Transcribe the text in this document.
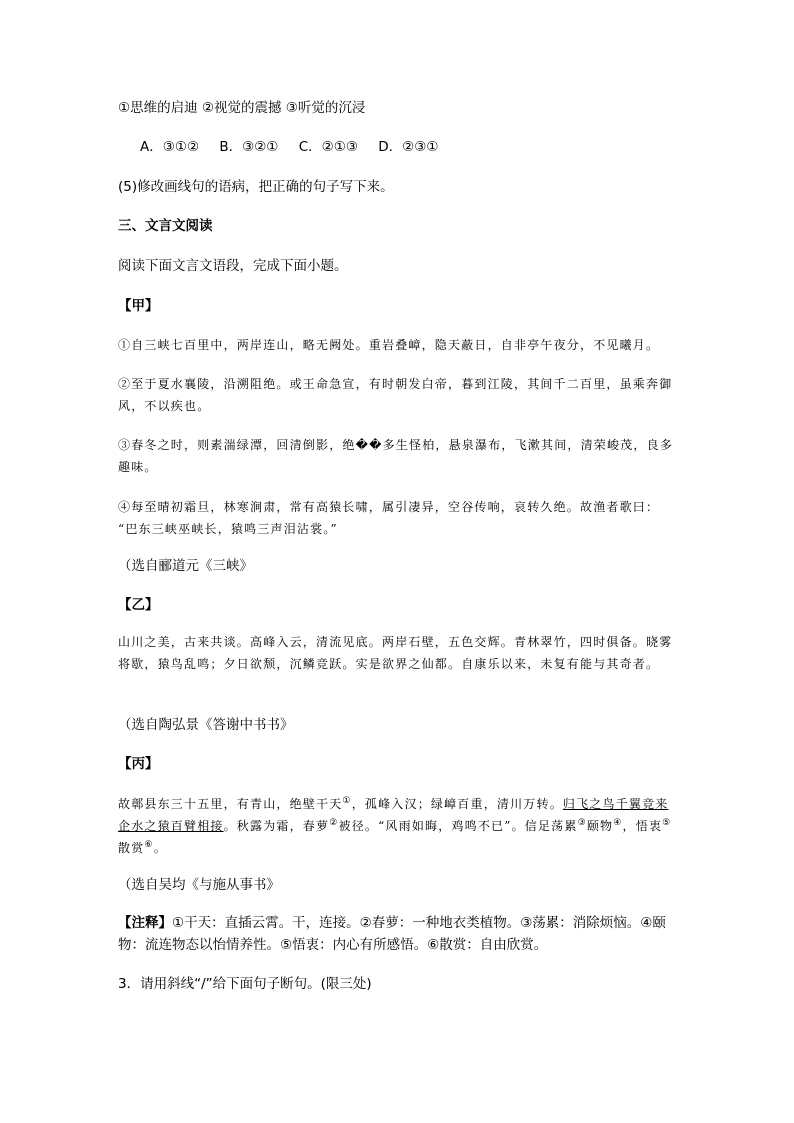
①思维的启迪 ②视觉的震撼 ③听觉的沉浸

A．③①② B．③②① C．②①③ D．②③①

(5)修改画线句的语病，把正确的句子写下来。

三、文言文阅读

阅读下面文言文语段，完成下面小题。

【甲】

①自三峡七百里中，两岸连山，略无阙处。重岩叠嶂，隐天蔽日，自非亭午夜分，不见曦月。

②至于夏水襄陵，沿溯阻绝。或王命急宣，有时朝发白帝，暮到江陵，其间千二百里，虽乘奔御风，不以疾也。

③春冬之时，则素湍绿潭，回清倒影，绝��多生怪柏，悬泉瀑布，飞漱其间，清荣峻茂，良多趣味。

④每至晴初霜旦，林寒涧肃，常有高猿长啸，属引凄异，空谷传响，哀转久绝。故渔者歌曰：
“巴东三峡巫峡长，猿鸣三声泪沾裳。”

（选自郦道元《三峡》

【乙】

山川之美，古来共谈。高峰入云，清流见底。两岸石壁，五色交辉。青林翠竹，四时俱备。晓雾将歇，猿鸟乱鸣；夕日欲颓，沉鳞竞跃。实是欲界之仙都。自康乐以来，未复有能与其奇者。

（选自陶弘景《答谢中书书》

【丙】

故鄣县东三十五里，有青山，绝壁干天①，孤峰入汉；绿嶂百重，清川万转。归飞之鸟千翼竞来企水之猿百臂相接。秋露为霜，春萝②被径。“风雨如晦，鸡鸣不已”。信足荡累③颐物④，悟衷⑤散赏⑥。

（选自吴均《与施从事书》

【注释】①干天：直插云霄。干，连接。②春萝：一种地衣类植物。③荡累：消除烦恼。④颐物：流连物态以怡情养性。⑤悟衷：内心有所感悟。⑥散赏：自由欣赏。

3．请用斜线“/”给下面句子断句。(限三处)
